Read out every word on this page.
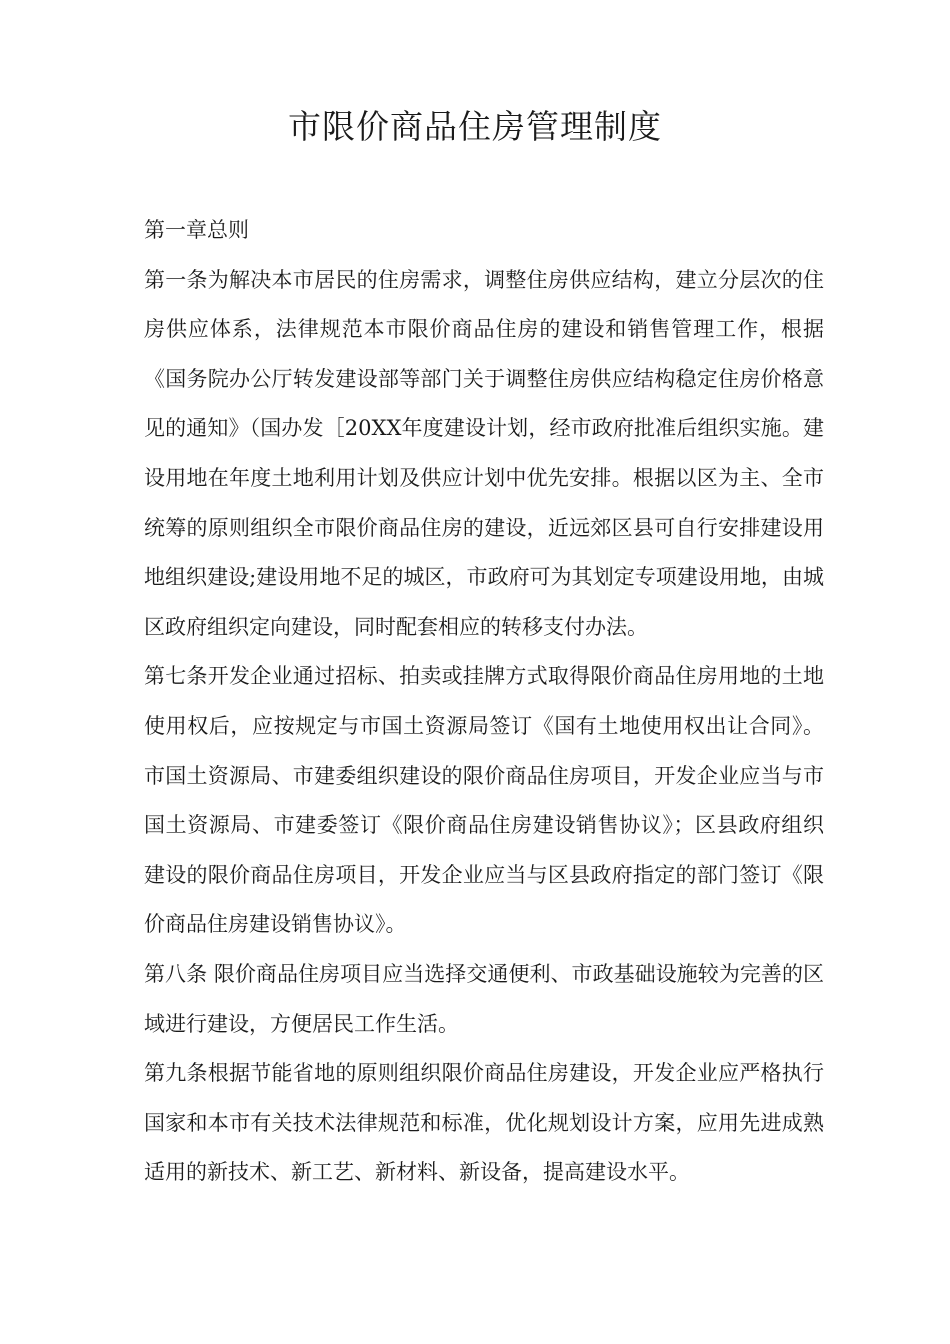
市限价商品住房管理制度

第一章总则

第一条为解决本市居民的住房需求，调整住房供应结构，建立分层次的住房供应体系，法律规范本市限价商品住房的建设和销售管理工作，根据《国务院办公厅转发建设部等部门关于调整住房供应结构稳定住房价格意见的通知》（国办发［20XX年度建设计划，经市政府批准后组织实施。建设用地在年度土地利用计划及供应计划中优先安排。根据以区为主、全市统筹的原则组织全市限价商品住房的建设，近远郊区县可自行安排建设用地组织建设;建设用地不足的城区，市政府可为其划定专项建设用地，由城区政府组织定向建设，同时配套相应的转移支付办法。

第七条开发企业通过招标、拍卖或挂牌方式取得限价商品住房用地的土地使用权后，应按规定与市国土资源局签订《国有土地使用权出让合同》。市国土资源局、市建委组织建设的限价商品住房项目，开发企业应当与市国土资源局、市建委签订《限价商品住房建设销售协议》；区县政府组织建设的限价商品住房项目，开发企业应当与区县政府指定的部门签订《限价商品住房建设销售协议》。

第八条 限价商品住房项目应当选择交通便利、市政基础设施较为完善的区域进行建设，方便居民工作生活。

第九条根据节能省地的原则组织限价商品住房建设，开发企业应严格执行国家和本市有关技术法律规范和标准，优化规划设计方案，应用先进成熟适用的新技术、新工艺、新材料、新设备，提高建设水平。
